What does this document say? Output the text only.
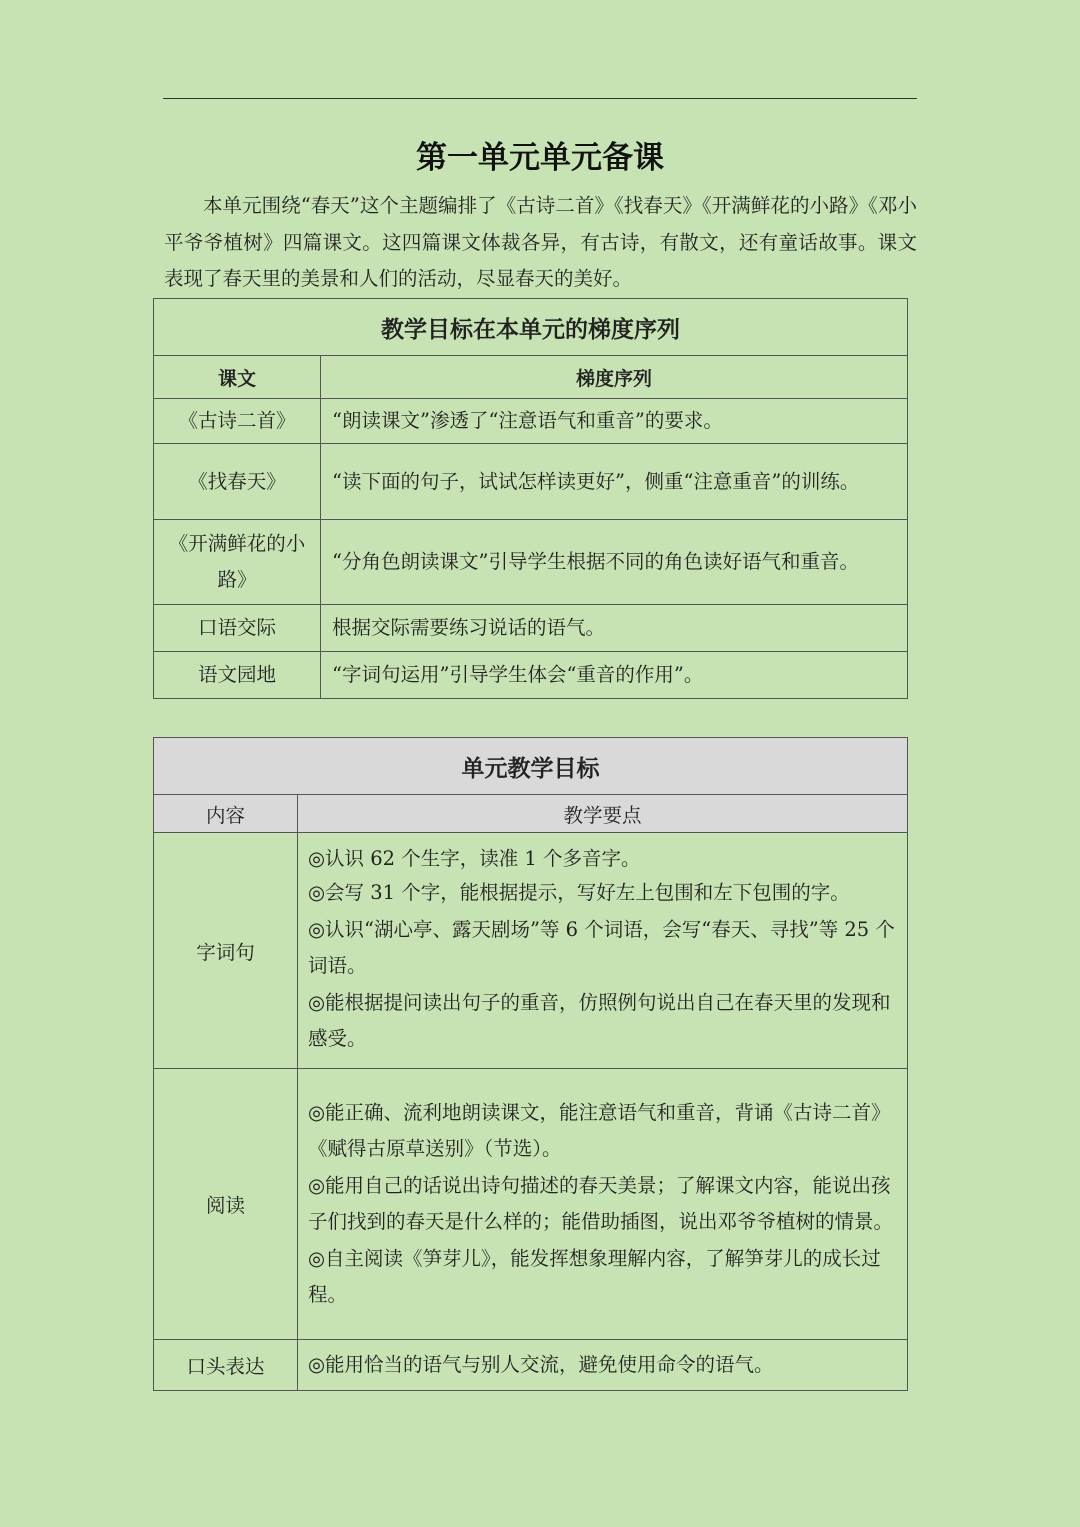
第一单元单元备课

本单元围绕“春天”这个主题编排了《古诗二首》《找春天》《开满鲜花的小路》《邓小平爷爷植树》四篇课文。这四篇课文体裁各异，有古诗，有散文，还有童话故事。课文表现了春天里的美景和人们的活动，尽显春天的美好。

教学目标在本单元的梯度序列	
课文	梯度序列
《古诗二首》	“朗读课文”渗透了“注意语气和重音”的要求。
《找春天》	“读下面的句子，试试怎样读更好”，侧重“注意重音”的训练。
《开满鲜花的小路》	“分角色朗读课文”引导学生根据不同的角色读好语气和重音。
口语交际	根据交际需要练习说话的语气。
语文园地	“字词句运用”引导学生体会“重音的作用”。
单元教学目标	
内容	教学要点
字词句	◎认识 62 个生字，读准 1 个多音字。
◎会写 31 个字，能根据提示，写好左上包围和左下包围的字。
◎认识“湖心亭、露天剧场”等 6 个词语，会写“春天、寻找”等 25 个词语。
◎能根据提问读出句子的重音，仿照例句说出自己在春天里的发现和感受。

阅读	◎能正确、流利地朗读课文，能注意语气和重音，背诵《古诗二首》《赋得古原草送别》（节选）。
◎能用自己的话说出诗句描述的春天美景；了解课文内容，能说出孩子们找到的春天是什么样的；能借助插图，说出邓爷爷植树的情景。
◎自主阅读《笋芽儿》，能发挥想象理解内容，了解笋芽儿的成长过程。

口头表达	◎能用恰当的语气与别人交流，避免使用命令的语气。
